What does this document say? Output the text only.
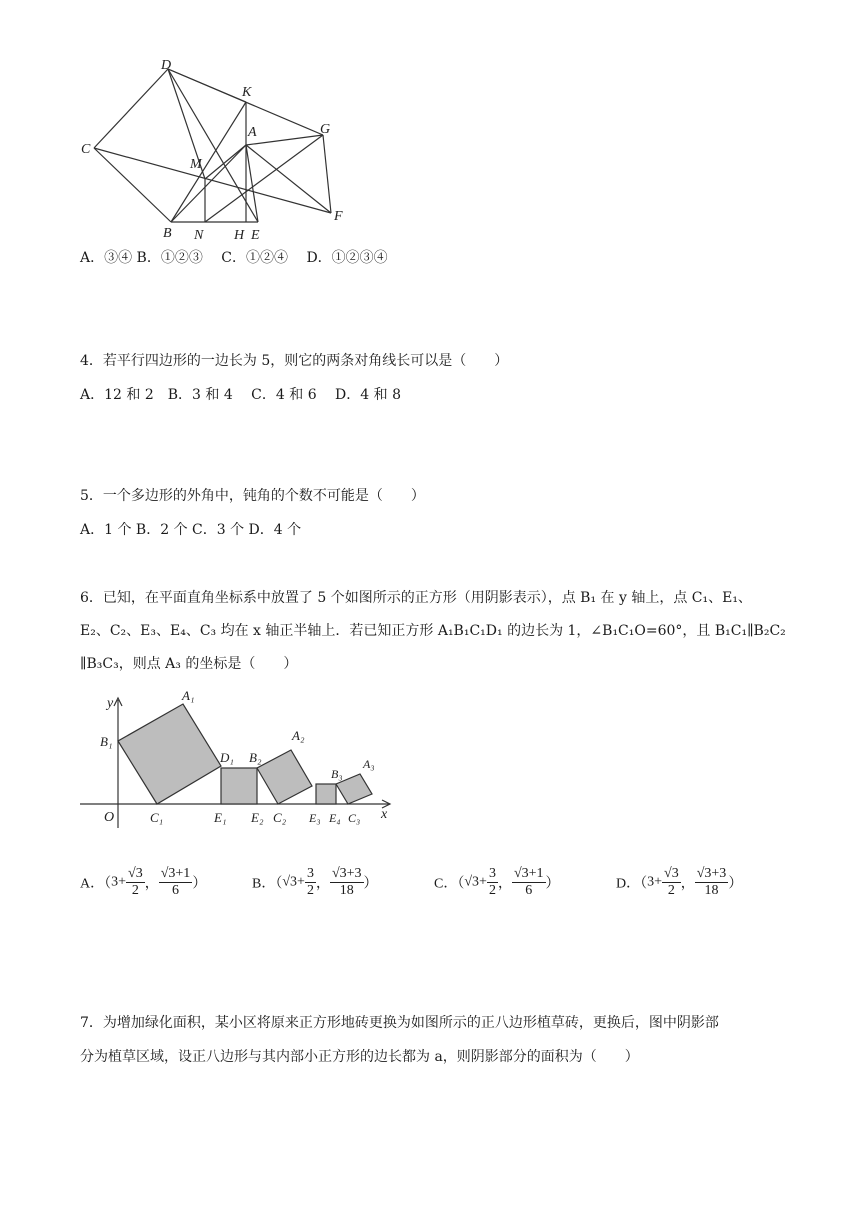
D
K
A	G
C
M
F
B N H E
A．③④ B．①②③　 C．①②④　 D．①②③④
4．若平行四边形的一边长为 5，则它的两条对角线长可以是（　　）
A．12 和 2　B．3 和 4　 C．4 和 6　 D．4 和 8
5．一个多边形的外角中，钝角的个数不可能是（　　）
A．1 个 B．2 个 C．3 个 D．4 个
6．已知，在平面直角坐标系中放置了 5 个如图所示的正方形（用阴影表示），点 B₁ 在 y 轴上，点 C₁、E₁、
E₂、C₂、E₃、E₄、C₃ 均在 x 轴正半轴上．若已知正方形 A₁B₁C₁D₁ 的边长为 1，∠B₁C₁O=60°，且 B₁C₁∥B₂C₂
∥B₃C₃，则点 A₃ 的坐标是（　　）
y
x
O
A₁
B₁
C₁
D₁
E₁
B₂
A₂
E₂ C₂
B₃
A₃
E₃ E₄ C₃
A．（$3+ \frac{√3}{2}$ ， $\frac{√3+1}{6}$ ）	B．（$√3+ \frac{3}{2}$ ， $\frac{√3+3}{18}$ ）	C．（$√3+ \frac{3}{2}$ ， $\frac{√3+1}{6}$ ）	D．（$3+ \frac{√3}{2}$ ， $\frac{√3+3}{18}$ ）
7．为增加绿化面积，某小区将原来正方形地砖更换为如图所示的正八边形植草砖，更换后，图中阴影部
分为植草区域，设正八边形与其内部小正方形的边长都为 a，则阴影部分的面积为（　　）
